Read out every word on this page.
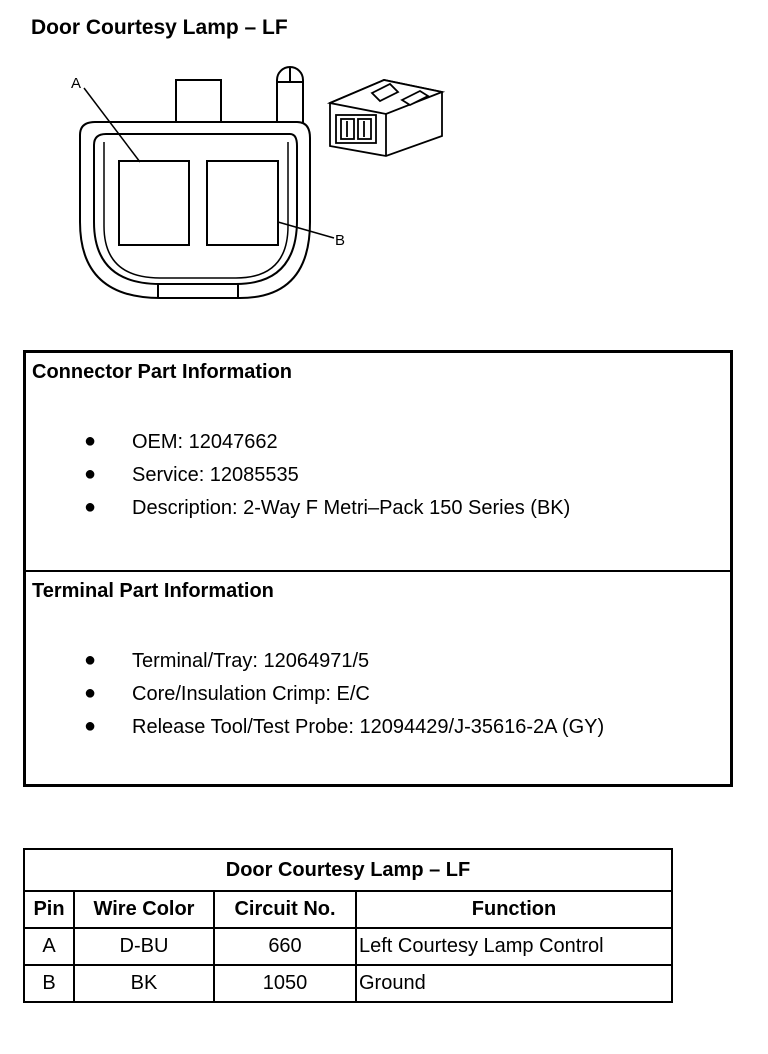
Door Courtesy Lamp – LF
A
B
Connector Part Information
● OEM: 12047662
● Service: 12085535
● Description: 2-Way F Metri–Pack 150 Series (BK)
Terminal Part Information
● Terminal/Tray: 12064971/5
● Core/Insulation Crimp: E/C
● Release Tool/Test Probe: 12094429/J-35616-2A (GY)
Door Courtesy Lamp – LF			
Pin	Wire Color	Circuit No.	Function
A	D-BU	660	Left Courtesy Lamp Control
B	BK	1050	Ground
